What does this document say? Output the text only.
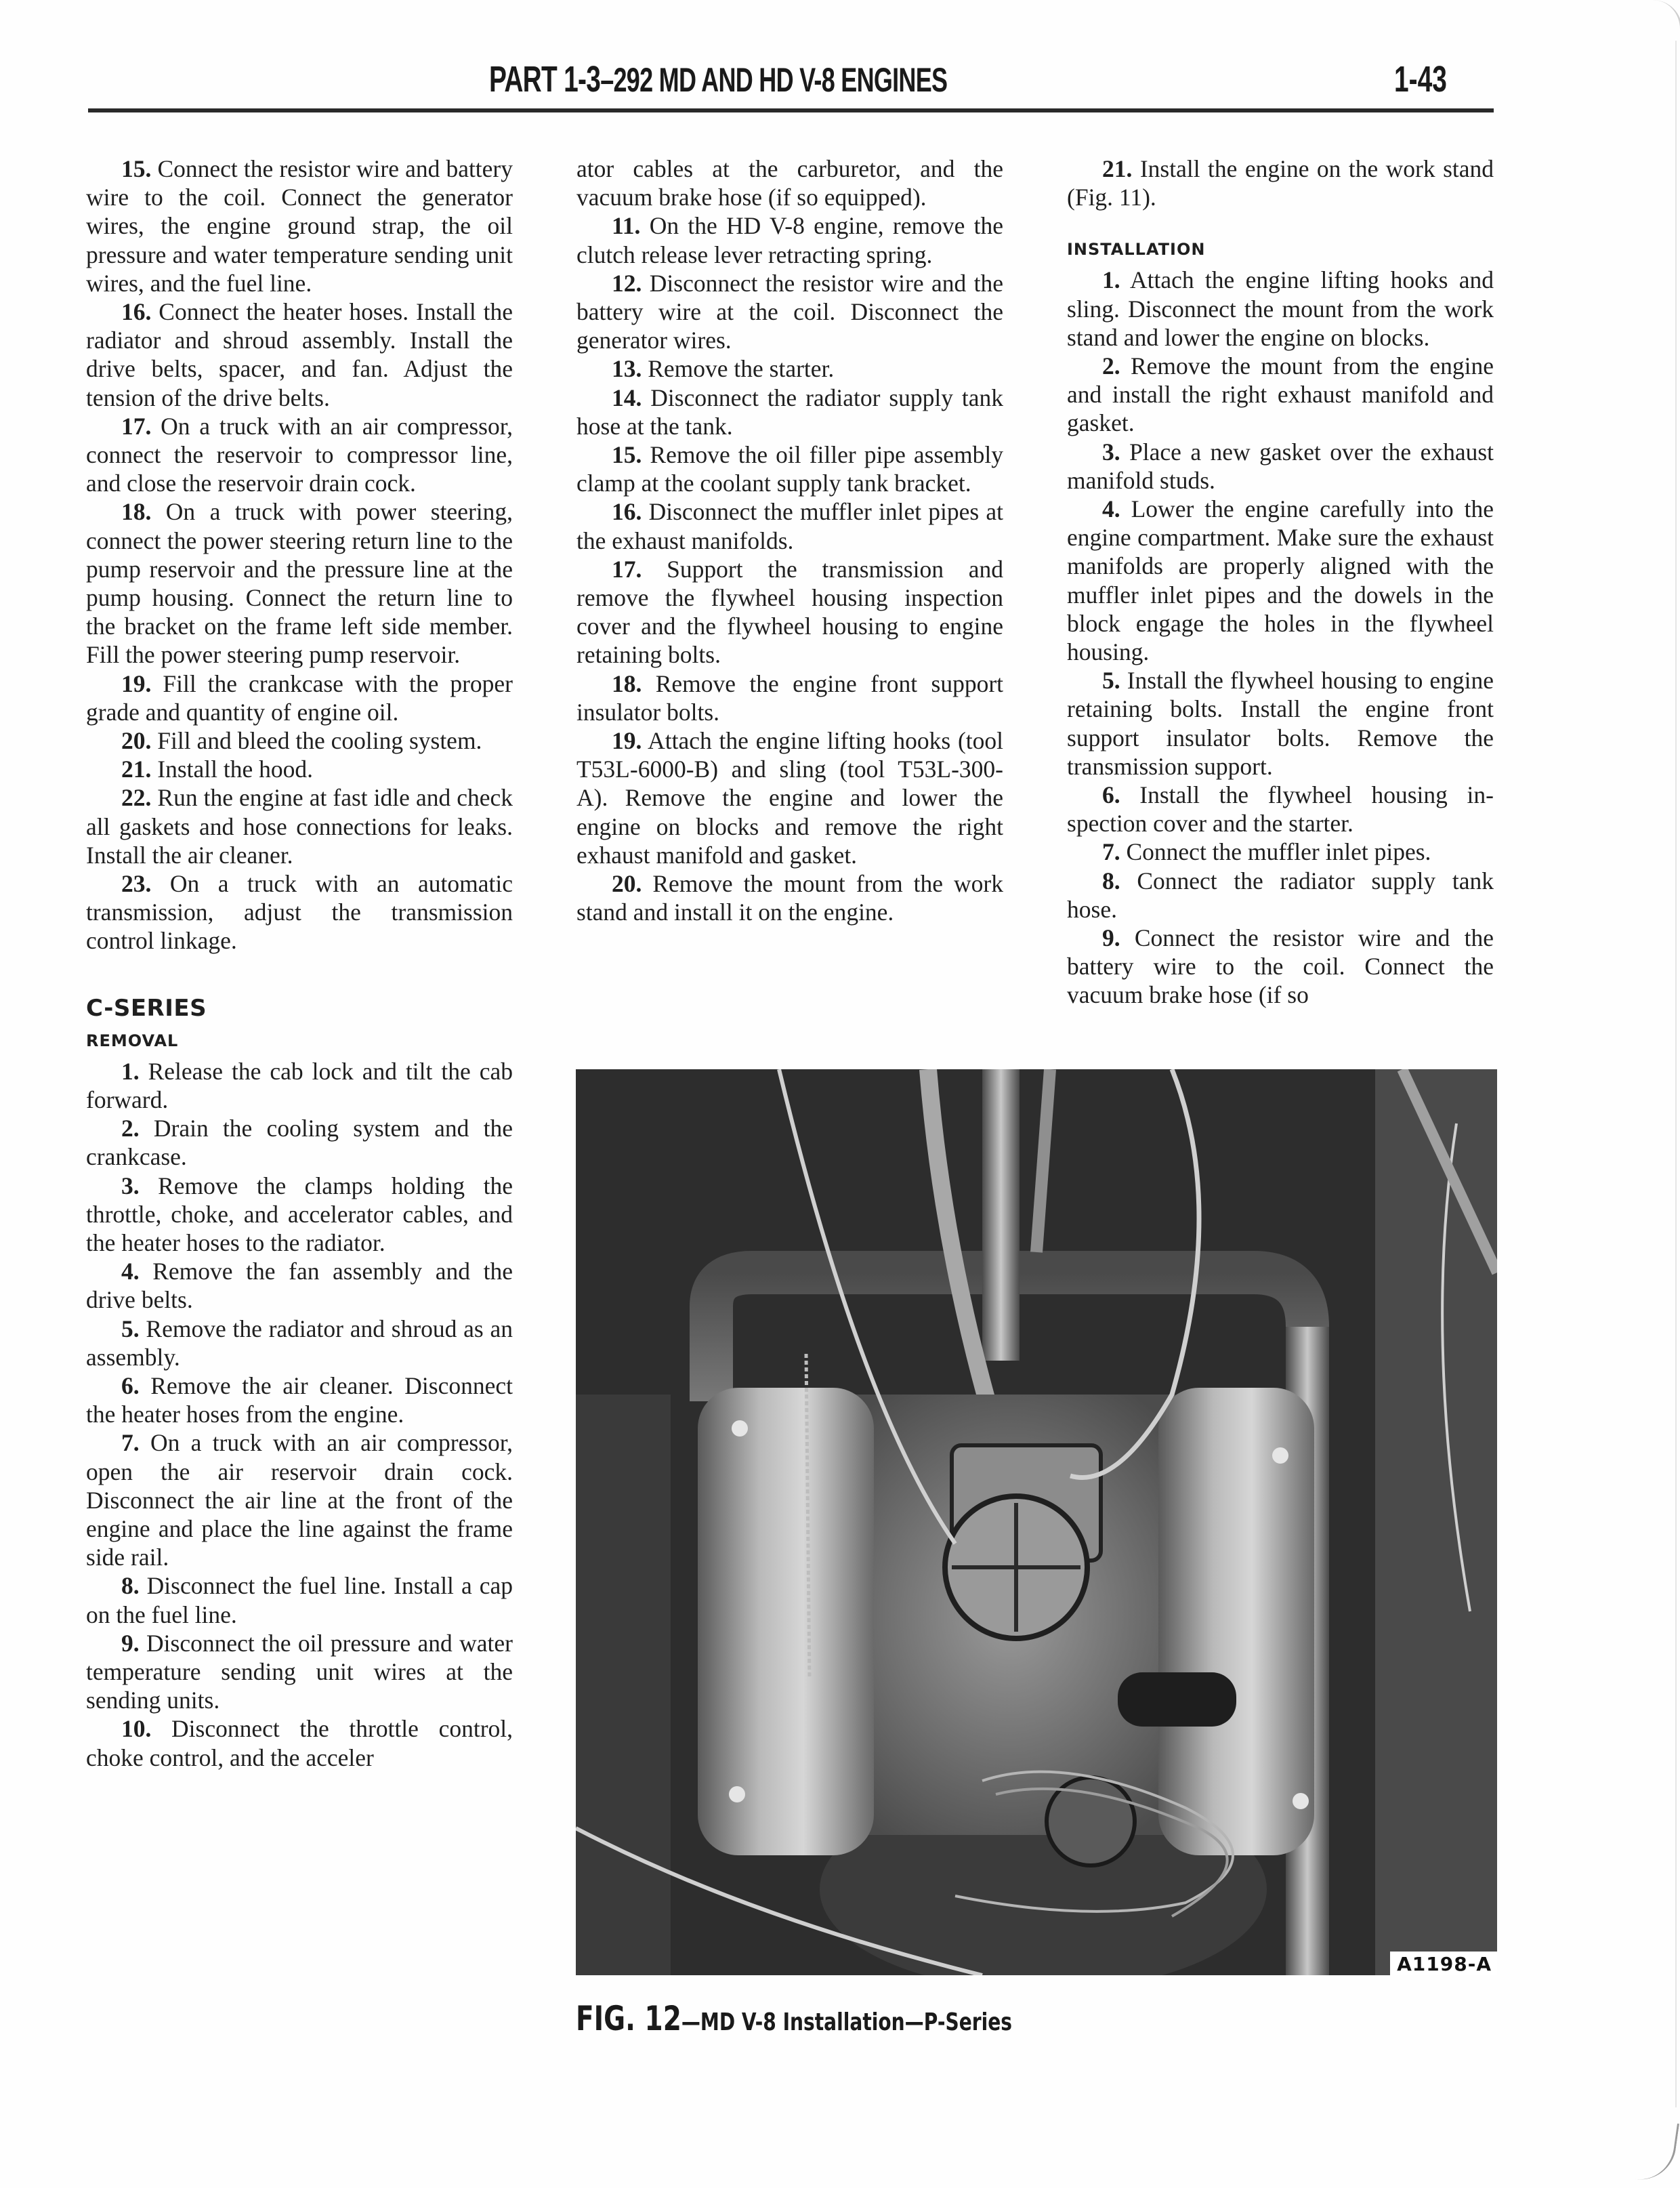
PART 1-3–292 MD AND HD V-8 ENGINES	1-43

15. Connect the resistor wire and battery wire to the coil. Connect the generator wires, the engine ground strap, the oil pressure and water temperature sending unit wires, and the fuel line.

16. Connect the heater hoses. Install the radiator and shroud assembly. Install the drive belts, spacer, and fan. Adjust the tension of the drive belts.

17. On a truck with an air compressor, connect the reservoir to compressor line, and close the reservoir drain cock.

18. On a truck with power steering, connect the power steering return line to the pump reservoir and the pressure line at the pump housing. Connect the return line to the bracket on the frame left side member. Fill the power steering pump reservoir.

19. Fill the crankcase with the proper grade and quantity of engine oil.

20. Fill and bleed the cooling system.

21. Install the hood.

22. Run the engine at fast idle and check all gaskets and hose connections for leaks. Install the air cleaner.

23. On a truck with an automatic transmission, adjust the transmission control linkage.

C-SERIES
REMOVAL

1. Release the cab lock and tilt the cab forward.

2. Drain the cooling system and the crankcase.

3. Remove the clamps holding the throttle, choke, and accelerator cables, and the heater hoses to the radiator.

4. Remove the fan assembly and the drive belts.

5. Remove the radiator and shroud as an assembly.

6. Remove the air cleaner. Disconnect the heater hoses from the engine.

7. On a truck with an air compressor, open the air reservoir drain cock. Disconnect the air line at the front of the engine and place the line against the frame side rail.

8. Disconnect the fuel line. Install a cap on the fuel line.

9. Disconnect the oil pressure and water temperature sending unit wires at the sending units.

10. Disconnect the throttle control, choke control, and the acceler

ator cables at the carburetor, and the vacuum brake hose (if so equipped).

11. On the HD V-8 engine, remove the clutch release lever retracting spring.

12. Disconnect the resistor wire and the battery wire at the coil. Disconnect the generator wires.

13. Remove the starter.

14. Disconnect the radiator supply tank hose at the tank.

15. Remove the oil filler pipe assembly clamp at the coolant supply tank bracket.

16. Disconnect the muffler inlet pipes at the exhaust manifolds.

17. Support the transmission and remove the flywheel housing inspection cover and the flywheel housing to engine retaining bolts.

18. Remove the engine front support insulator bolts.

19. Attach the engine lifting hooks (tool T53L-6000-B) and sling (tool T53L-300-A). Remove the engine and lower the engine on blocks and remove the right exhaust manifold and gasket.

20. Remove the mount from the work stand and install it on the engine.

21. Install the engine on the work stand (Fig. 11).

INSTALLATION

1. Attach the engine lifting hooks and sling. Disconnect the mount from the work stand and lower the engine on blocks.

2. Remove the mount from the engine and install the right exhaust manifold and gasket.

3. Place a new gasket over the exhaust manifold studs.

4. Lower the engine carefully into the engine compartment. Make sure the exhaust manifolds are properly aligned with the muffler inlet pipes and the dowels in the block engage the holes in the flywheel housing.

5. Install the flywheel housing to engine retaining bolts. Install the engine front support insulator bolts. Remove the transmission support.

6. Install the flywheel housing inspection cover and the starter.

7. Connect the muffler inlet pipes.

8. Connect the radiator supply tank hose.

9. Connect the resistor wire and the battery wire to the coil. Connect the vacuum brake hose (if so

A1198-A
FIG. 12—MD V-8 Installation—P-Series
